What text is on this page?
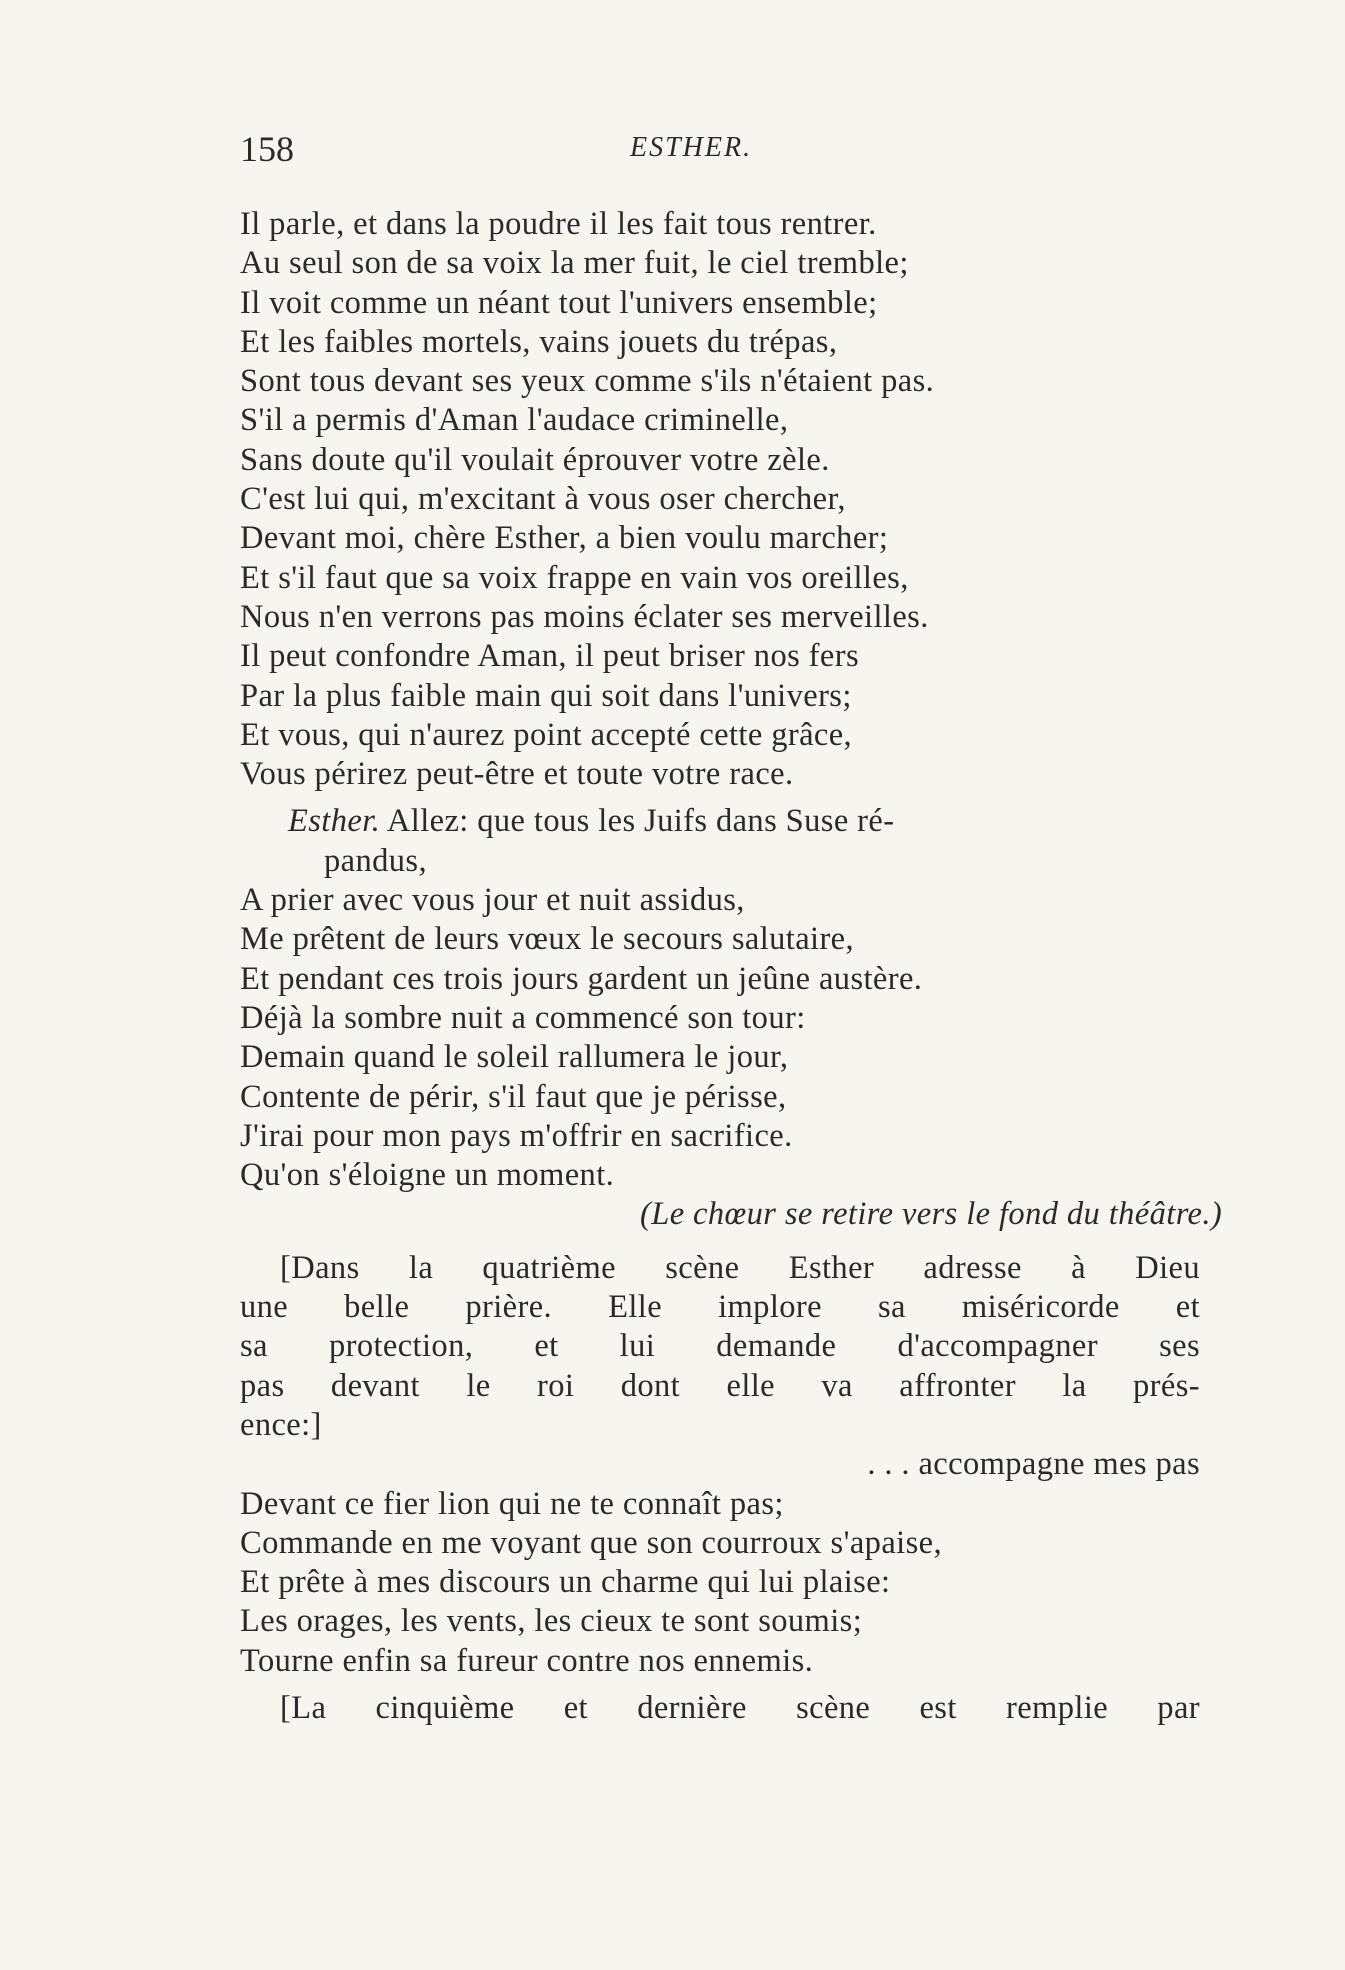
158	ESTHER.
Il parle, et dans la poudre il les fait tous rentrer.
Au seul son de sa voix la mer fuit, le ciel tremble;
Il voit comme un néant tout l'univers ensemble;
Et les faibles mortels, vains jouets du trépas,
Sont tous devant ses yeux comme s'ils n'étaient pas.
S'il a permis d'Aman l'audace criminelle,
Sans doute qu'il voulait éprouver votre zèle.
C'est lui qui, m'excitant à vous oser chercher,
Devant moi, chère Esther, a bien voulu marcher;
Et s'il faut que sa voix frappe en vain vos oreilles,
Nous n'en verrons pas moins éclater ses merveilles.
Il peut confondre Aman, il peut briser nos fers
Par la plus faible main qui soit dans l'univers;
Et vous, qui n'aurez point accepté cette grâce,
Vous périrez peut-être et toute votre race.
Esther. Allez: que tous les Juifs dans Suse ré-
pandus,
A prier avec vous jour et nuit assidus,
Me prêtent de leurs vœux le secours salutaire,
Et pendant ces trois jours gardent un jeûne austère.
Déjà la sombre nuit a commencé son tour:
Demain quand le soleil rallumera le jour,
Contente de périr, s'il faut que je périsse,
J'irai pour mon pays m'offrir en sacrifice.
Qu'on s'éloigne un moment.
(Le chœur se retire vers le fond du théâtre.)
[Dans la quatrième scène Esther adresse à Dieu
une belle prière. Elle implore sa miséricorde et
sa protection, et lui demande d'accompagner ses
pas devant le roi dont elle va affronter la prés-
ence:]
. . . accompagne mes pas
Devant ce fier lion qui ne te connaît pas;
Commande en me voyant que son courroux s'apaise,
Et prête à mes discours un charme qui lui plaise:
Les orages, les vents, les cieux te sont soumis;
Tourne enfin sa fureur contre nos ennemis.
[La cinquième et dernière scène est remplie par
